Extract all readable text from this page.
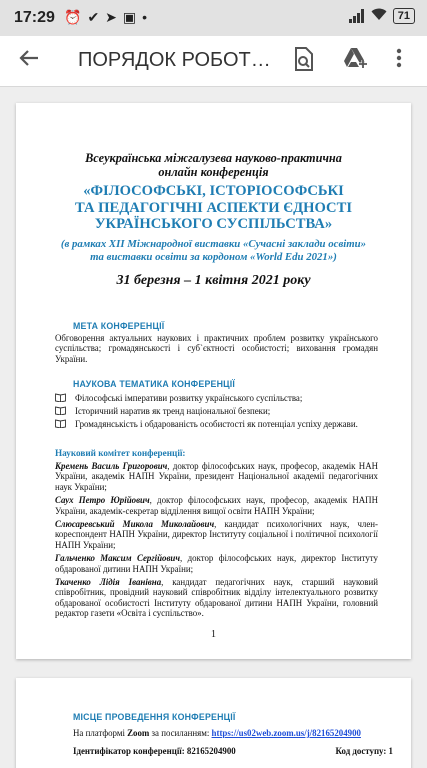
17:29 ⏰✔➤▣•	71
ПОРЯДОК РОБОТ…
Всеукраїнська міжгалузева науково-практична
онлайн конференція
«ФІЛОСОФСЬКІ, ІСТОРІОСОФСЬКІ
ТА ПЕДАГОГІЧНІ АСПЕКТИ ЄДНОСТІ
УКРАЇНСЬКОГО СУСПІЛЬСТВА»
(в рамках ХІІ Міжнародної виставки «Сучасні заклади освіти»
та виставки освіти за кордоном «World Edu 2021»)
31 березня – 1 квітня 2021 року
МЕТА КОНФЕРЕНЦІЇ
Обговорення актуальних наукових і практичних проблем розвитку українського суспільства; громадянськості і суб`єктності особистості; виховання громадян України.
НАУКОВА ТЕМАТИКА КОНФЕРЕНЦІЇ
Філософські імперативи розвитку українського суспільства;
Історичний наратив як тренд національної безпеки;
Громадянськість і обдарованість особистості як потенціал успіху держави.
Науковий комітет конференції:
Кремень Василь Григорович, доктор філософських наук, професор, академік НАН України, академік НАПН України, президент Національної академії педагогічних наук України;
Саух Петро Юрійович, доктор філософських наук, професор, академік НАПН України, академік-секретар відділення вищої освіти НАПН України;
Слюсаревський Микола Миколайович, кандидат психологічних наук, член-кореспондент НАПН України, директор Інституту соціальної і політичної психології НАПН України;
Гальченко Максим Сергійович, доктор філософських наук, директор Інституту обдарованої дитини НАПН України;
Ткаченко Лідія Іванівна, кандидат педагогічних наук, старший науковий співробітник, провідний науковий співробітник відділу інтелектуального розвитку обдарованої особистості Інституту обдарованої дитини НАПН України, головний редактор газети «Освіта і суспільство».
1
МІСЦЕ ПРОВЕДЕННЯ КОНФЕРЕНЦІЇ
На платформі Zoom за посиланням: https://us02web.zoom.us/j/82165204900
Ідентифікатор конференції: 82165204900	Код доступу: 1
